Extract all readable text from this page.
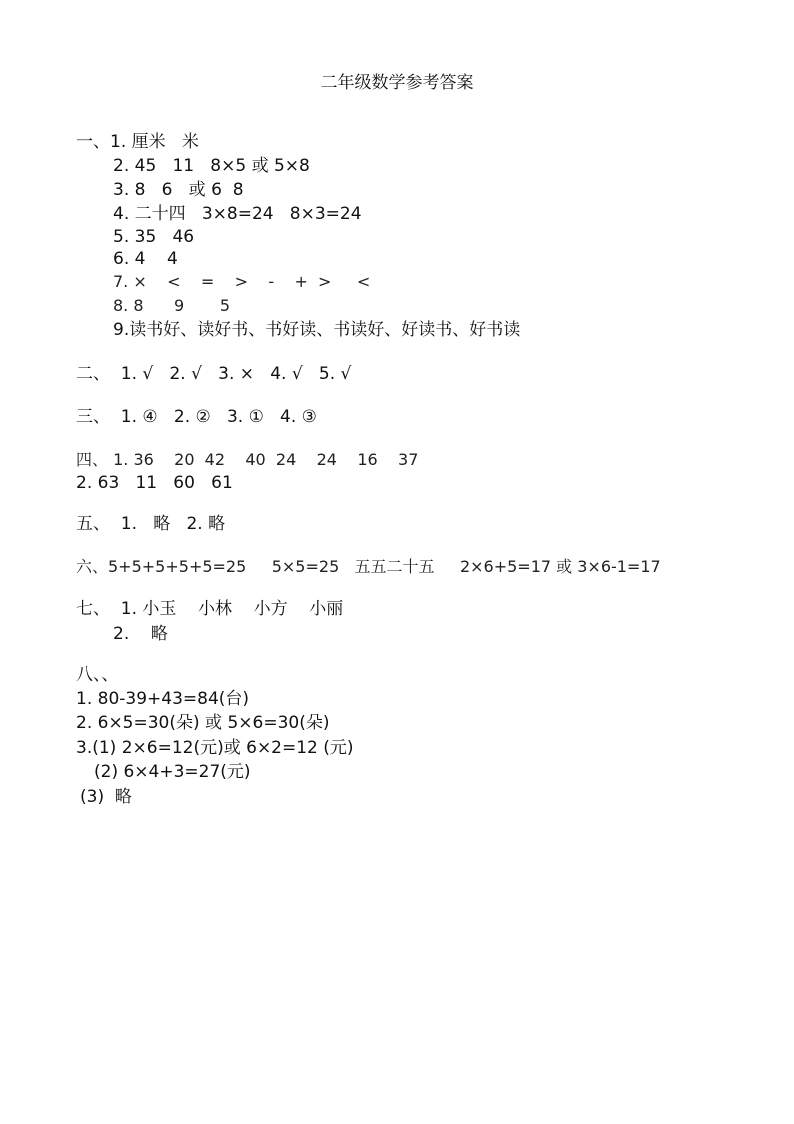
二年级数学参考答案
一、1. 厘米   米
2. 45   11   8×5 或 5×8
3. 8   6   或 6  8
4. 二十四   3×8=24   8×3=24
5. 35   46
6. 4    4
7. ×    <    =    >    -    +  >     <
8. 8      9       5
9.读书好、读好书、书好读、书读好、好读书、好书读
二、  1. √   2. √   3. ×   4. √   5. √
三、  1. ④   2. ②   3. ①   4. ③
四、 1. 36    20  42    40  24    24    16    37
2. 63   11   60   61
五、  1.   略   2. 略
六、5+5+5+5+5=25     5×5=25   五五二十五     2×6+5=17 或 3×6-1=17
七、  1. 小玉    小林    小方    小丽
2.    略
八、、
1. 80-39+43=84(台)
2. 6×5=30(朵) 或 5×6=30(朵)
3.(1) 2×6=12(元)或 6×2=12 (元)
(2) 6×4+3=27(元)
(3)  略
